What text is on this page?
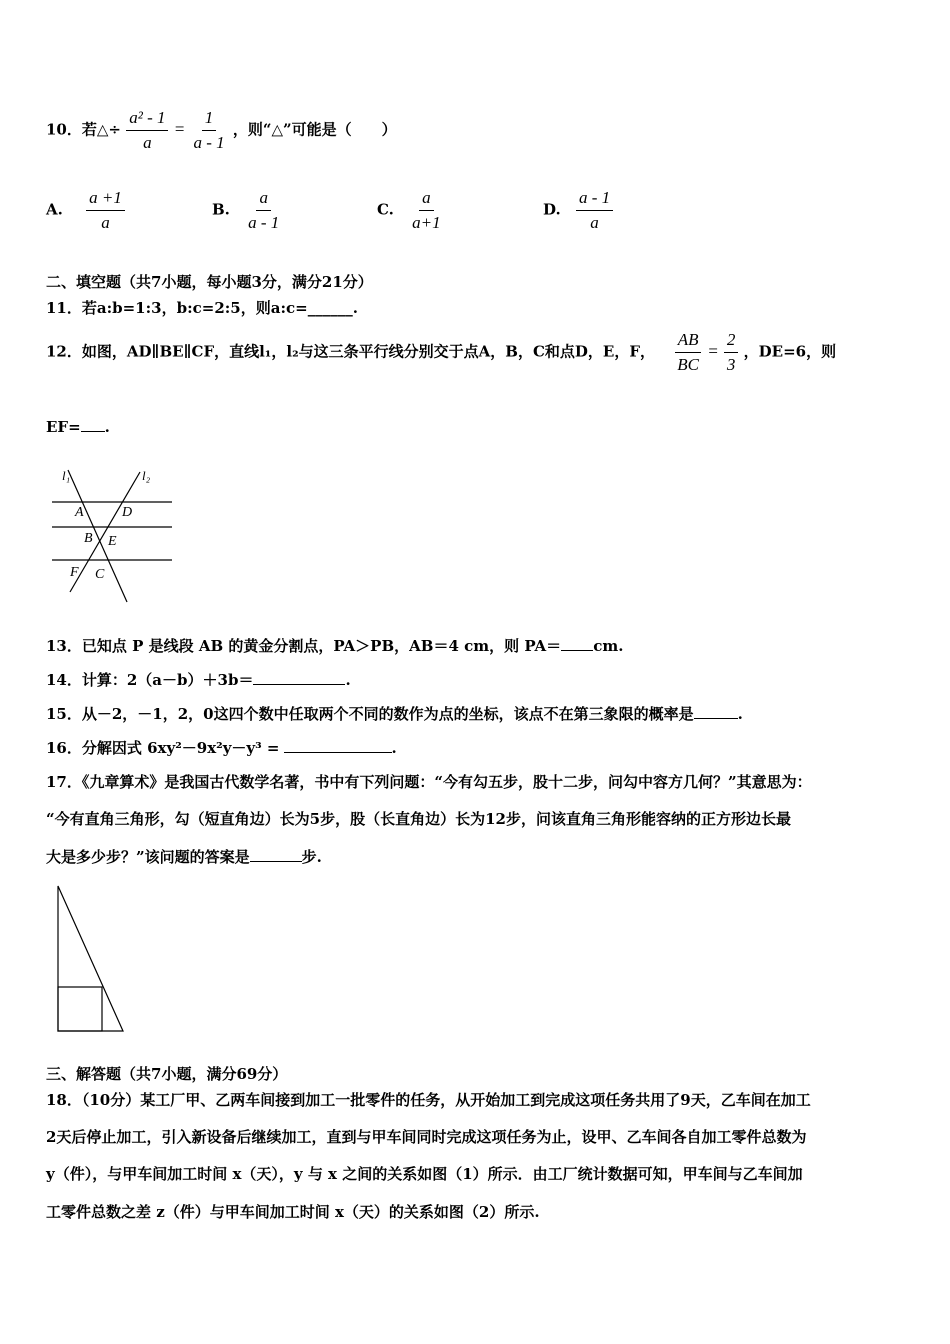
10．若△÷ $\frac{\text{a² - 1}}{a} = \frac{1}{a - 1}$ ，则“△”可能是（　　）
A. $\frac{a +1}{a}$	B. $\frac{a}{a - 1}$	C. $\frac{a}{a+1}$	D. $\frac{a - 1}{a}$
二、填空题（共7小题，每小题3分，满分21分）
11．若a:b=1:3，b:c=2:5，则a:c=______.
12．如图，AD∥BE∥CF，直线l₁，l₂与这三条平行线分别交于点A，B，C和点D，E，F， $\frac{AB}{BC} = \frac{2}{3}$ ，DE=6，则
EF= .
l₁	l₂
A	D
B E
F C
13．已知点 P 是线段 AB 的黄金分割点，PA＞PB，AB＝4 cm，则 PA＝ cm.
14．计算：2（a－b）＋3b＝	.
15．从－2，－1，2，0这四个数中任取两个不同的数作为点的坐标，该点不在第三象限的概率是	.
16．分解因式 6xy²－9x²y－y³ =	.
17．《九章算术》是我国古代数学名著，书中有下列问题：“今有勾五步，股十二步，问勾中容方几何？”其意思为：
“今有直角三角形，勾（短直角边）长为5步，股（长直角边）长为12步，问该直角三角形能容纳的正方形边长最
大是多少步？”该问题的答案是	步.
三、解答题（共7小题，满分69分）
18．（10分）某工厂甲、乙两车间接到加工一批零件的任务，从开始加工到完成这项任务共用了9天，乙车间在加工
2天后停止加工，引入新设备后继续加工，直到与甲车间同时完成这项任务为止，设甲、乙车间各自加工零件总数为
y（件），与甲车间加工时间 x（天），y 与 x 之间的关系如图（1）所示．由工厂统计数据可知，甲车间与乙车间加
工零件总数之差 z（件）与甲车间加工时间 x（天）的关系如图（2）所示.
